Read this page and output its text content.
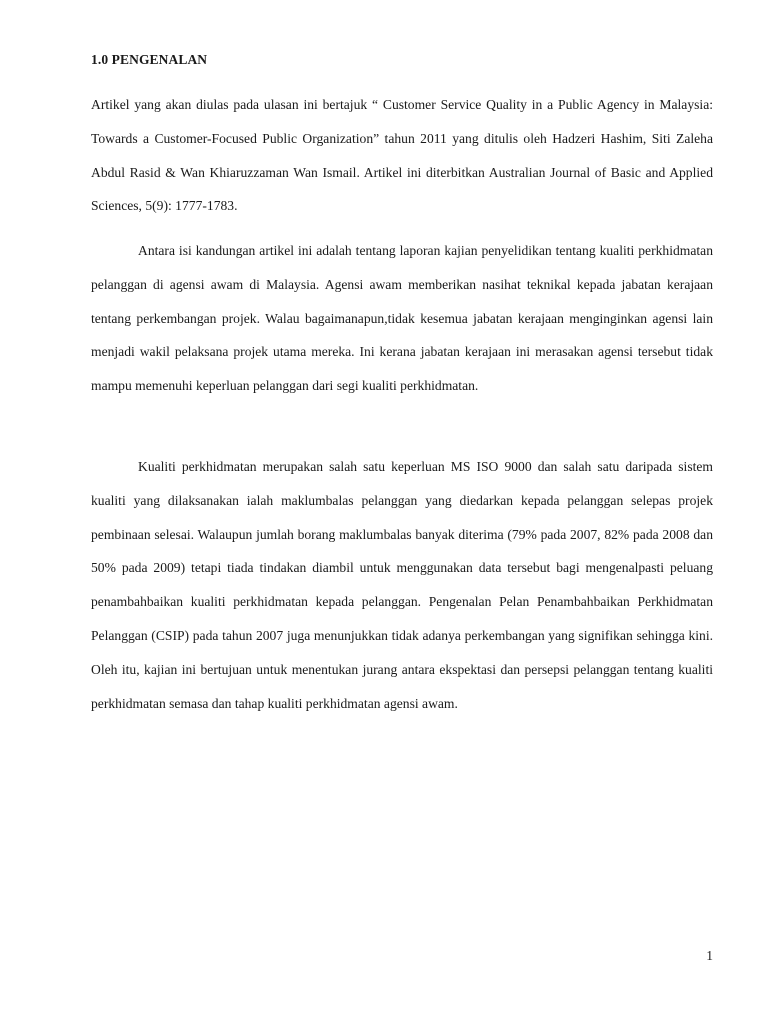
1.0 PENGENALAN

Artikel yang akan diulas pada ulasan ini bertajuk “ Customer Service Quality in a Public Agency in Malaysia: Towards a Customer-Focused Public Organization” tahun 2011 yang ditulis oleh Hadzeri Hashim, Siti Zaleha Abdul Rasid & Wan Khiaruzzaman Wan Ismail. Artikel ini diterbitkan Australian Journal of Basic and Applied Sciences, 5(9): 1777-1783.

Antara isi kandungan artikel ini adalah tentang laporan kajian penyelidikan tentang kualiti perkhidmatan pelanggan di agensi awam di Malaysia. Agensi awam memberikan nasihat teknikal kepada jabatan kerajaan tentang perkembangan projek. Walau bagaimanapun,tidak kesemua jabatan kerajaan menginginkan agensi lain menjadi wakil pelaksana projek utama mereka. Ini kerana jabatan kerajaan ini merasakan agensi tersebut tidak mampu memenuhi keperluan pelanggan dari segi kualiti perkhidmatan.

Kualiti perkhidmatan merupakan salah satu keperluan MS ISO 9000 dan salah satu daripada sistem kualiti yang dilaksanakan ialah maklumbalas pelanggan yang diedarkan kepada pelanggan selepas projek pembinaan selesai. Walaupun jumlah borang maklumbalas banyak diterima (79% pada 2007, 82% pada 2008 dan 50% pada 2009) tetapi tiada tindakan diambil untuk menggunakan data tersebut bagi mengenalpasti peluang penambahbaikan kualiti perkhidmatan kepada pelanggan. Pengenalan Pelan Penambahbaikan Perkhidmatan Pelanggan (CSIP) pada tahun 2007 juga menunjukkan tidak adanya perkembangan yang signifikan sehingga kini. Oleh itu, kajian ini bertujuan untuk menentukan jurang antara ekspektasi dan persepsi pelanggan tentang kualiti perkhidmatan semasa dan tahap kualiti perkhidmatan agensi awam.

1
